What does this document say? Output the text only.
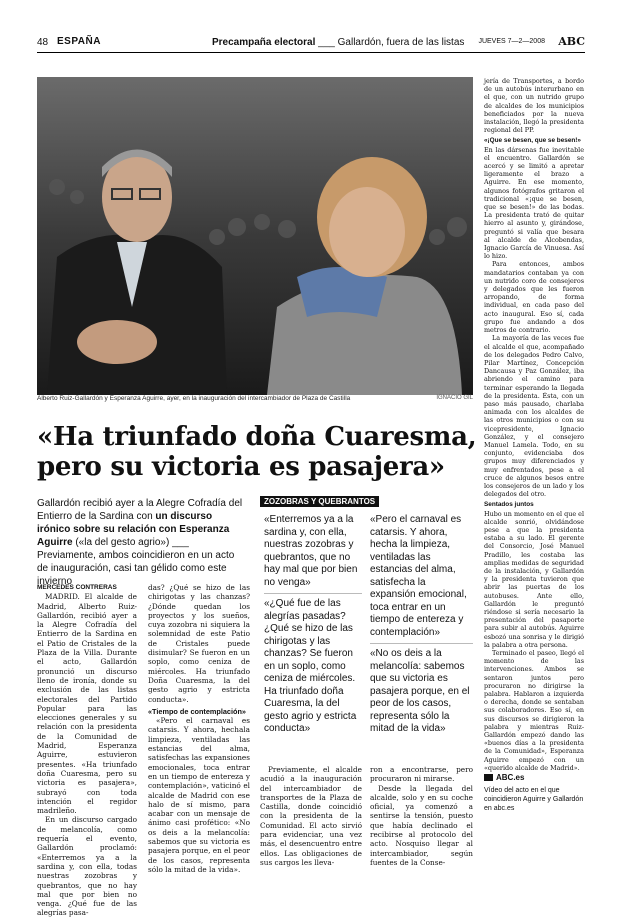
48 ESPAÑA	Precampaña electoral ___ Gallardón, fuera de las listas JUEVES 7—2—2008 ABC
Alberto Ruiz-Gallardón y Esperanza Aguirre, ayer, en la inauguración del intercambiador de Plaza de Castilla	IGNACIO GIL
«Ha triunfado doña Cuaresma, pero su victoria es pasajera»
Gallardón recibió ayer a la Alegre Cofradía del Entierro de la Sardina con un discurso irónico sobre su relación con Esperanza Aguirre («la del gesto agrio») ___ Previamente, ambos coincidieron en un acto de inauguración, casi tan gélido como este invierno

MERCEDES CONTRERAS

MADRID. El alcalde de Madrid, Alberto Ruiz-Gallardón, recibió ayer a la Alegre Cofradía del Entierro de la Sardina en el Patio de Cristales de la Plaza de la Villa. Durante el acto, Gallardón pronunció un discurso lleno de ironía, donde su exclusión de las listas electorales del Partido Popular para las elecciones generales y su relación con la presidenta de la Comunidad de Madrid, Esperanza Aguirre, estuvieron presentes. «Ha triunfado doña Cuaresma, pero su victoria es pasajera», subrayó con toda intención el regidor madrileño.

En un discurso cargado de melancolía, como requería el evento, Gallardón proclamó: «Enterremos ya a la sardina y, con ella, todas nuestras zozobras y quebrantos, que no hay mal que por bien no venga. ¿Qué fue de las alegrías pasa-

das? ¿Qué se hizo de las chirigotas y las chanzas? ¿Dónde quedan los proyectos y los sueños, cuya zozobra ni siquiera la solemnidad de este Patio de Cristales puede disimular? Se fueron en un soplo, como ceniza de miércoles. Ha triunfado Doña Cuaresma, la del gesto agrio y estricta conducta».

«Tiempo de contemplación»

«Pero el carnaval es catarsis. Y ahora, hechala limpieza, ventiladas las estancias del alma, satisfechas las expansiones emocionales, toca entrar en un tiempo de entereza y contemplación», vaticinó el alcalde de Madrid con ese halo de sí mismo, para acabar con un mensaje de ánimo casi profético: «No os deis a la melancolía: sabemos que su victoria es pasajera porque, en el peor de los casos, representa sólo la mitad de la vida».

ZOZOBRAS Y QUEBRANTOS
«Enterremos ya a la sardina y, con ella, nuestras zozobras y quebrantos, que no hay mal que por bien no venga»
«¿Qué fue de las alegrías pasadas? ¿Qué se hizo de las chirigotas y las chanzas? Se fueron en un soplo, como ceniza de miércoles. Ha triunfado doña Cuaresma, la del gesto agrio y estricta conducta»
«Pero el carnaval es catarsis. Y ahora, hecha la limpieza, ventiladas las estancias del alma, satisfecha la expansión emocional, toca entrar en un tiempo de entereza y contemplación»
«No os deis a la melancolía: sabemos que su victoria es pasajera porque, en el peor de los casos, representa sólo la mitad de la vida»

Previamente, el alcalde acudió a la inauguración del intercambiador de transportes de la Plaza de Castilla, donde coincidió con la presidenta de la Comunidad. El acto sirvió para evidenciar, una vez más, el desencuentro entre ellos. Las obligaciones de sus cargos les lleva-

ron a encontrarse, pero procuraron ni mirarse.

Desde la llegada del alcalde, solo y en su coche oficial, ya comenzó a sentirse la tensión, puesto que había declinado el recibirse al protocolo del acto. Nosquiso llegar al intercambiador, según fuentes de la Conse-

jería de Transportes, a bordo de un autobús interurbano en el que, con un nutrido grupo de alcaldes de los municipios beneficiados por la nueva instalación, llegó la presidenta regional del PP.

«¡Que se besen, que se besen!»

En las dársenas fue inevitable el encuentro. Gallardón se acercó y se limitó a apretar ligeramente el brazo a Aguirre. En ese momento, algunos fotógrafos gritaron el tradicional «¡que se besen, que se besen!» de las bodas. La presidenta trató de quitar hierro al asunto y, girándose, preguntó si valía que besara al alcalde de Alcobendas, Ignacio García de Vinuesa. Así lo hizo.

Para entonces, ambos mandatarios contaban ya con un nutrido coro de consejeros y delegados que les fueron arropando, de forma individual, en cada paso del acto inaugural. Eso sí, cada grupo fue andando a dos metros de contrario.

La mayoría de las veces fue el alcalde el que, acompañado de los delegados Pedro Calvo, Pilar Martínez, Concepción Dancausa y Paz González, iba abriendo el camino para terminar esperando la llegada de la presidenta. Ésta, con un paso más pausado, charlaba animada con los alcaldes de las otros municipios o con su vicepresidente, Ignacio González, y el consejero Manuel Lamela. Todo, en su conjunto, evidenciaba dos grupos muy diferenciados y muy enfrentados, pese a el cruce de algunos besos entre los consejeros de un lado y los delegados del otro.

Sentados juntos

Hubo un momento en el que el alcalde sonrió, olvidándose pese a que la presidenta estaba a su lado. El gerente del Consorcio, José Manuel Pradillo, les costaba las amplias medidas de seguridad de la instalación, y Gallardón y la presidenta tuvieron que abrir las puertas de los autobuses. Ante ello, Gallardón le preguntó riéndose si sería necesario la presentación del pasaporte para subir al autobús. Aguirre esbozó una sonrisa y le dirigió la palabra a otra persona.

Terminado el paseo, llegó el momento de las intervenciones. Ambos se sentaron juntos pero procuraron no dirigirse la palabra. Hablaron a izquierda o derecha, donde se sentaban sus colaboradores. Eso sí, en sus discursos se dirigieron la palabra y mientras Ruiz-Gallardón empezó dando las «buenos días a la presidenta de la Comunidad», Esperanza Aguirre empezó con un «querido alcalde de Madrid».

ABC.es
Vídeo del acto en el que coincidieron Aguirre y Gallardón en abc.es
